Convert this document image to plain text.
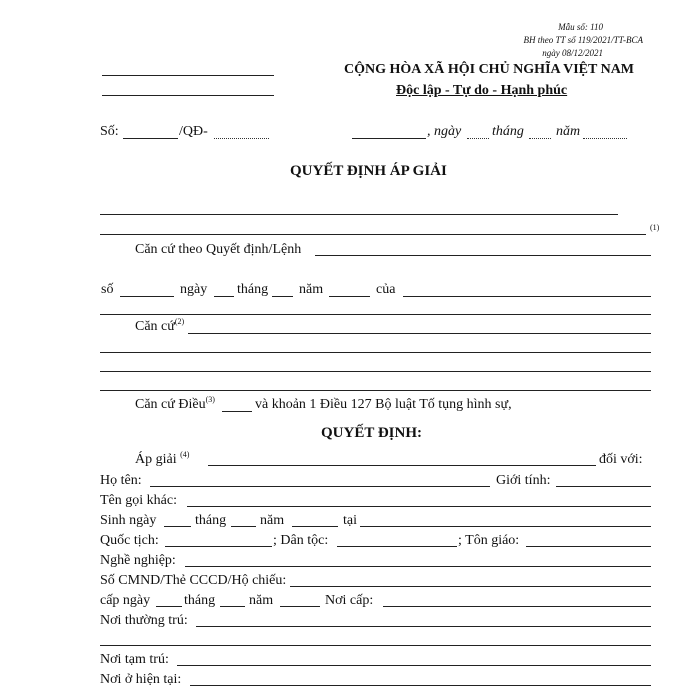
Mẫu số: 110
BH theo TT số 119/2021/TT-BCA
ngày 08/12/2021
CỘNG HÒA XÃ HỘI CHỦ NGHĨA VIỆT NAM
Độc lập - Tự do - Hạnh phúc
Số:	/QĐ-	, ngày tháng năm
QUYẾT ĐỊNH ÁP GIẢI
(1)
Căn cứ theo Quyết định/Lệnh
số	ngày tháng năm	của
Căn cứ$^{(2)}$
Căn cứ Điều$^{(3)}$	và khoản 1 Điều 127 Bộ luật Tố tụng hình sự,
QUYẾT ĐỊNH:
Áp giải $^{(4)}$	đối với:
Họ tên:	Giới tính:
Tên gọi khác:
Sinh ngày	tháng năm	tại
Quốc tịch:	; Dân tộc:	; Tôn giáo:
Nghề nghiệp:
Số CMND/Thẻ CCCD/Hộ chiếu:
cấp ngày tháng năm	Nơi cấp:
Nơi thường trú:
Nơi tạm trú:
Nơi ở hiện tại:
